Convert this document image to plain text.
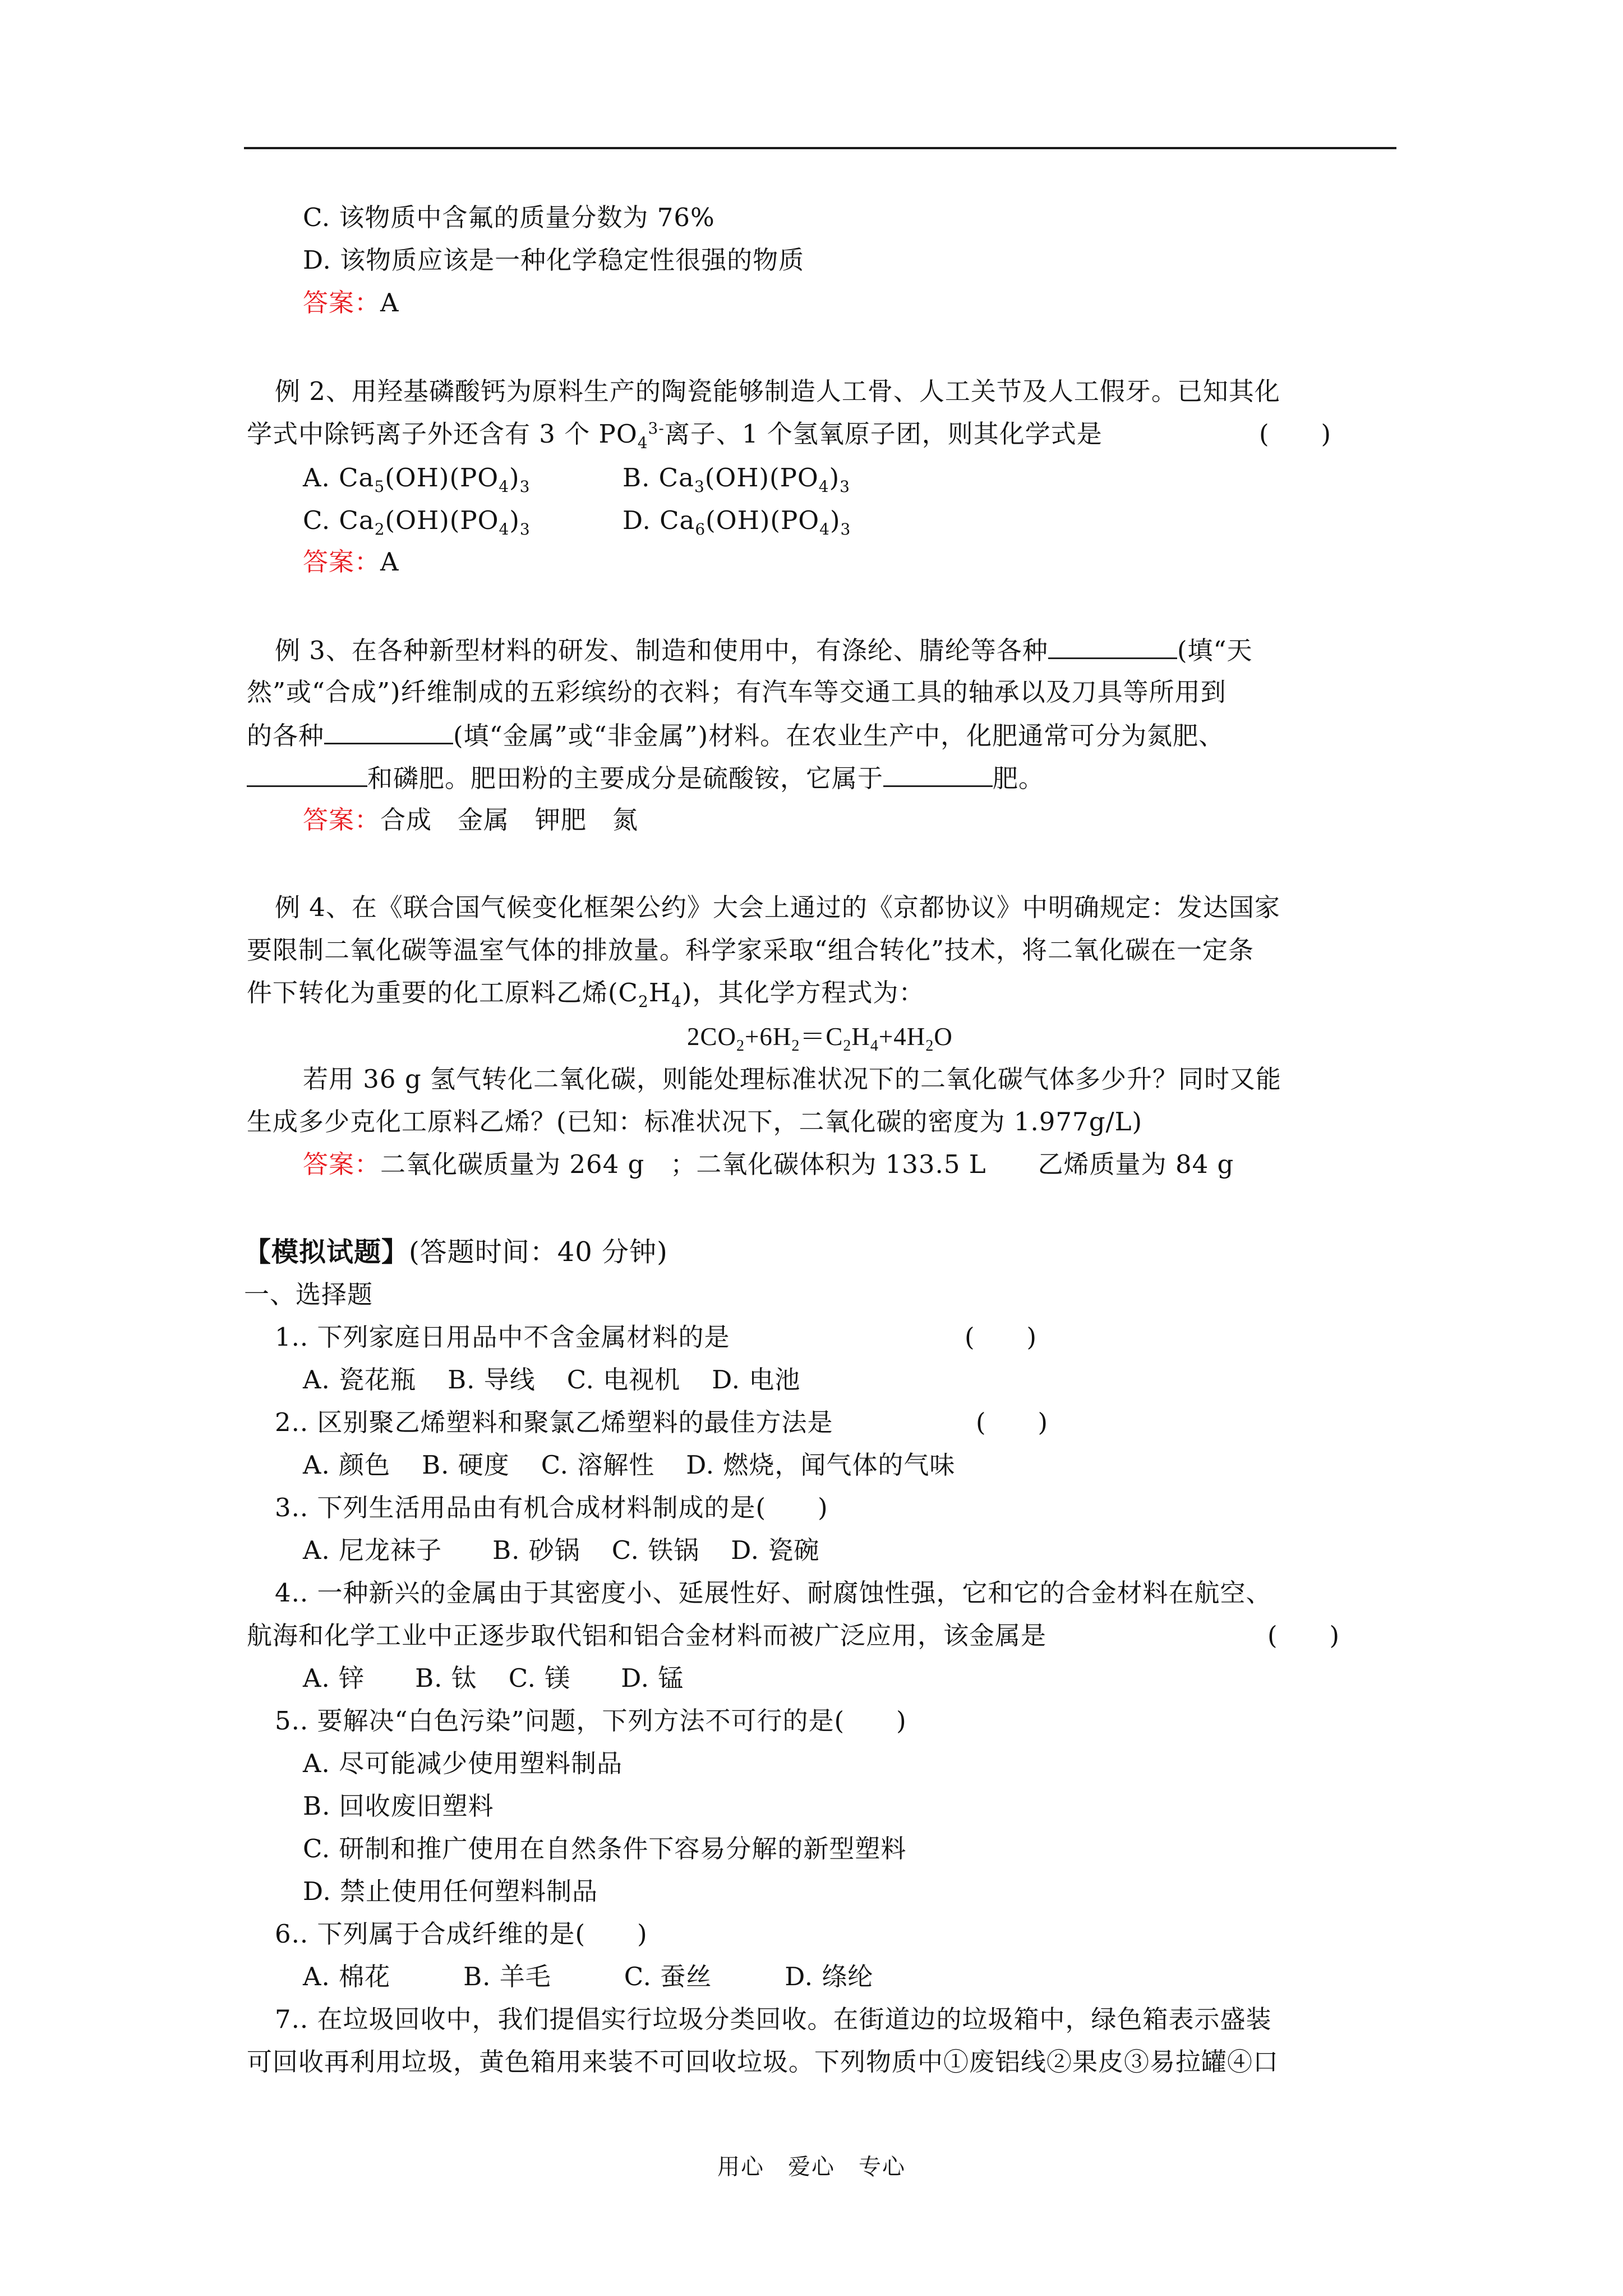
C. 该物质中含氟的质量分数为 76%
D. 该物质应该是一种化学稳定性很强的物质
答案：A
例 2、用羟基磷酸钙为原料生产的陶瓷能够制造人工骨、人工关节及人工假牙。已知其化
学式中除钙离子外还含有 3 个 $PO_4^{3-}$离子、1 个氢氧原子团，则其化学式是	(　　)
A. $Ca_5(OH)(PO_4)_3$	B. $Ca_3(OH)(PO_4)_3$
C. $Ca_2(OH)(PO_4)_3$	D. $Ca_6(OH)(PO_4)_3$
答案：A
例 3、在各种新型材料的研发、制造和使用中，有涤纶、腈纶等各种	(填“天
然”或“合成”)纤维制成的五彩缤纷的衣料；有汽车等交通工具的轴承以及刀具等所用到
的各种	(填“金属”或“非金属”)材料。在农业生产中，化肥通常可分为氮肥、
和磷肥。肥田粉的主要成分是硫酸铵，它属于	肥。
答案：合成　金属　钾肥　氮
例 4、在《联合国气候变化框架公约》大会上通过的《京都协议》中明确规定：发达国家
要限制二氧化碳等温室气体的排放量。科学家采取“组合转化”技术，将二氧化碳在一定条
件下转化为重要的化工原料乙烯$(C_2H_4)$，其化学方程式为：
$2CO_2+6H_2=C_2H_4+4H_2O$
若用 36 g 氢气转化二氧化碳，则能处理标准状况下的二氧化碳气体多少升？同时又能
生成多少克化工原料乙烯？(已知：标准状况下，二氧化碳的密度为 1.977g/L)
答案：二氧化碳质量为 264 g　；二氧化碳体积为 133.5 L　　乙烯质量为 84 g
【模拟试题】(答题时间：40 分钟)
一、选择题
1.. 下列家庭日用品中不含金属材料的是	(　　)
A. 瓷花瓶 B. 导线 C. 电视机 D. 电池
2.. 区别聚乙烯塑料和聚氯乙烯塑料的最佳方法是	(　　)
A. 颜色 B. 硬度 C. 溶解性 D. 燃烧，闻气体的气味
3.. 下列生活用品由有机合成材料制成的是(　　)
A. 尼龙袜子 B. 砂锅 C. 铁锅 D. 瓷碗
4.. 一种新兴的金属由于其密度小、延展性好、耐腐蚀性强，它和它的合金材料在航空、
航海和化学工业中正逐步取代铝和铝合金材料而被广泛应用，该金属是	(　　)
A. 锌 B. 钛 C. 镁 D. 锰
5.. 要解决“白色污染”问题，下列方法不可行的是(　　)
A. 尽可能减少使用塑料制品
B. 回收废旧塑料
C. 研制和推广使用在自然条件下容易分解的新型塑料
D. 禁止使用任何塑料制品
6.. 下列属于合成纤维的是(　　)
A. 棉花	B. 羊毛	C. 蚕丝	D. 绦纶
7.. 在垃圾回收中，我们提倡实行垃圾分类回收。在街道边的垃圾箱中，绿色箱表示盛装
可回收再利用垃圾，黄色箱用来装不可回收垃圾。下列物质中①废铝线②果皮③易拉罐④口
用心　爱心　专心
